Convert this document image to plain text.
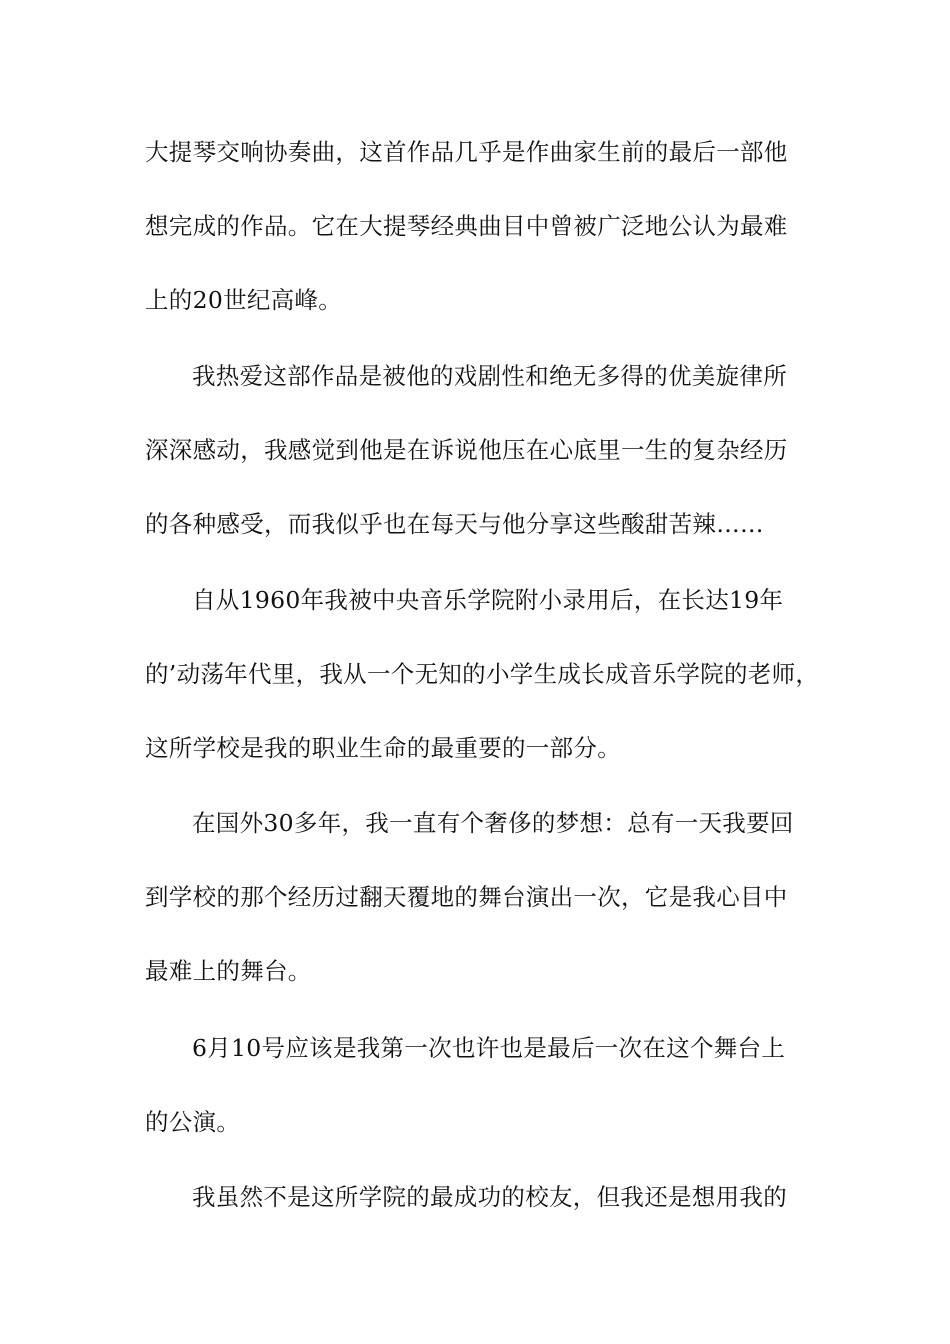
大提琴交响协奏曲，这首作品几乎是作曲家生前的最后一部他
想完成的作品。它在大提琴经典曲目中曾被广泛地公认为最难
上的20世纪高峰。
我热爱这部作品是被他的戏剧性和绝无多得的优美旋律所
深深感动，我感觉到他是在诉说他压在心底里一生的复杂经历
的各种感受，而我似乎也在每天与他分享这些酸甜苦辣……
自从1960年我被中央音乐学院附小录用后，在长达19年
的’动荡年代里，我从一个无知的小学生成长成音乐学院的老师，
这所学校是我的职业生命的最重要的一部分。
在国外30多年，我一直有个奢侈的梦想：总有一天我要回
到学校的那个经历过翻天覆地的舞台演出一次，它是我心目中
最难上的舞台。
6月10号应该是我第一次也许也是最后一次在这个舞台上
的公演。
我虽然不是这所学院的最成功的校友，但我还是想用我的
